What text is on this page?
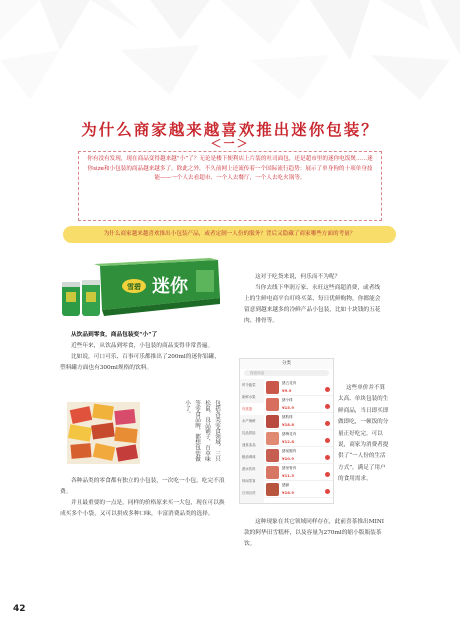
为什么商家越来越喜欢推出迷你包装？
＜一＞
你有没有发现，现在商品变得越来越“小”了？无论是楼下便利店上片装的吐司面包，还是超市里的迷你电饭煲……迷你size和小包装的商品越来越多了。除此之外，不久前网上还流传着一个国际流行趋势：展示了单身狗的十项单身技能——一个人去看超市、一个人去餐厅，一个人去吃火锅等。
为什么商家越来越喜欢推出小包装产品，或者定制一人份的服务？背后又隐藏了商家哪些方面的考量？
雪碧 迷你	这对于吃货来说，何乐而不为呢？

当你去线下华润万家、永旺这些商超消费，或者线上的生鲜电商平台叮咚买菜、每日优鲜购物，你都能会留意到越来越多的冷鲜产品小包装，比如十块钱的五花肉、排骨等。

从饮品到零食，商品包装变“小”了

近些年来，从饮品到零食，小包装的商品变得非常普遍。

比如说，可口可乐、百事可乐都推出了200ml的迷你铝罐，塑料罐方面也有300ml规格的饮料。

包括各类零食领域，三只松鼠、良品铺子、百草味等零食品牌，都想包装做小了。

各种品类的零食都有独立的小包装，一次吃一小包，吃完不浪费。

并且最重要的一点是，同样的价格原来买一大包，现在可以换成买多个小袋，又可以拼成多种口味，丰富消费品类的选择。

分类
搜索商品
时令蔬菜
新鲜水果
肉禽蛋
水产海鲜
乳品烘焙
速食冻品
粮油调味
酒水饮料
休闲零食
日用百货
猪五花肉
¥9.9
猪小排
¥15.9
猪肋排
¥18.8
猪梅花肉
¥12.8
猪前腿肉
¥10.9
猪里脊肉
¥11.5
猪蹄
¥16.9

这些单价并不算太高、单块包装的生鲜商品，当日即买即做即吃，一顿饭的分量正好吃完。可以说，商家为消费者提供了“一人份的生活方式”，满足了用户的食用需求。

这种现象在其它领域同样存在，此前喜茶推出MINI款的阿华田雪糕杯，以及容量为270ml的缩小版瓶装茶饮。

42
